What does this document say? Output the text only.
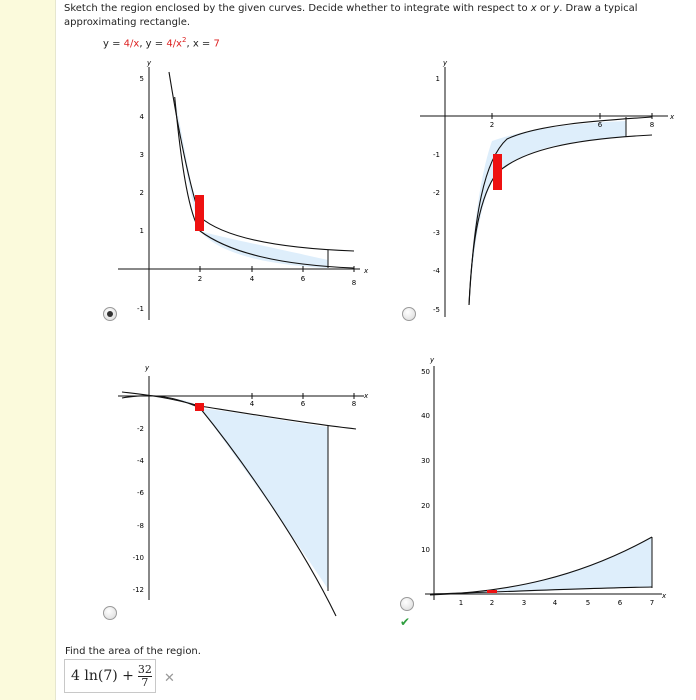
Sketch the region enclosed by the given curves. Decide whether to integrate with respect to x or y. Draw a typical approximating rectangle.
y = 4/x, $y = 4/x^2$, x = 7
2	4	6	8
5
4
3
2
1
-1
y
x
2	6	8
1
-1
-2
-3
-4
-5
y
x
4	6	8
-2
-4
-6
-8
-10
-12
y
x
1	2	3	4	5	6	7
50
40
30
20
10
y
x
✔
Find the area of the region.
4 $\ln(7) + \frac{32}{7}$ ✕
